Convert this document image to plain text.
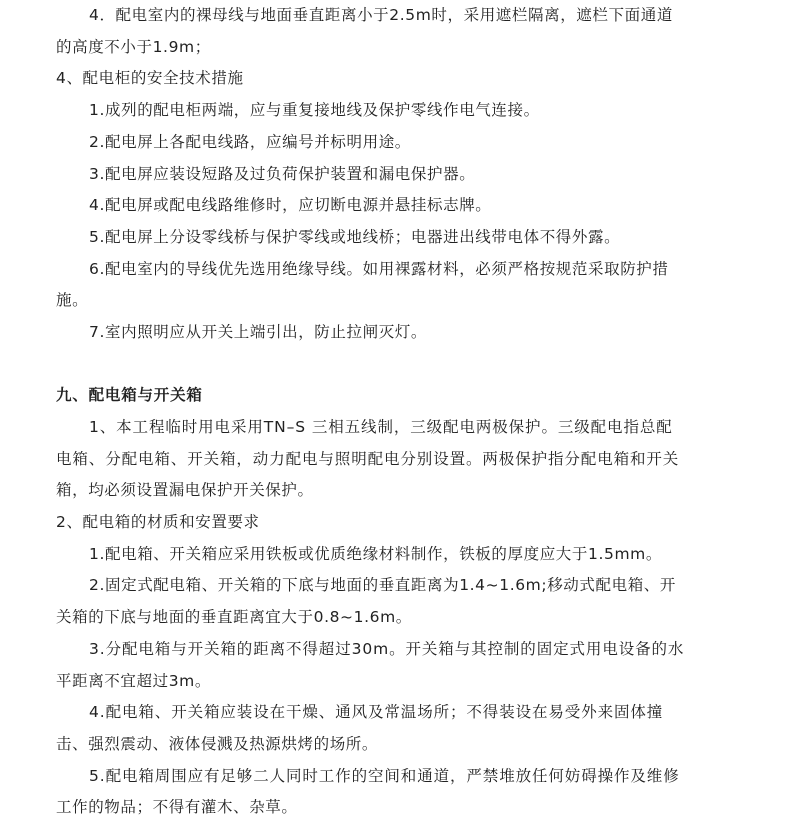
4．配电室内的裸母线与地面垂直距离小于2.5m时，采用遮栏隔离，遮栏下面通道

的高度不小于1.9m；

4、配电柜的安全技术措施

1.成列的配电柜两端，应与重复接地线及保护零线作电气连接。

2.配电屏上各配电线路，应编号并标明用途。

3.配电屏应装设短路及过负荷保护装置和漏电保护器。

4.配电屏或配电线路维修时，应切断电源并悬挂标志牌。

5.配电屏上分设零线桥与保护零线或地线桥；电器进出线带电体不得外露。

6.配电室内的导线优先选用绝缘导线。如用裸露材料，必须严格按规范采取防护措

施。

7.室内照明应从开关上端引出，防止拉闸灭灯。

九、配电箱与开关箱

1、本工程临时用电采用TN–S 三相五线制，三级配电两极保护。三级配电指总配

电箱、分配电箱、开关箱，动力配电与照明配电分别设置。两极保护指分配电箱和开关

箱，均必须设置漏电保护开关保护。

2、配电箱的材质和安置要求

1.配电箱、开关箱应采用铁板或优质绝缘材料制作，铁板的厚度应大于1.5mm。

2.固定式配电箱、开关箱的下底与地面的垂直距离为1.4~1.6m;移动式配电箱、开

关箱的下底与地面的垂直距离宜大于0.8~1.6m。

3.分配电箱与开关箱的距离不得超过30m。开关箱与其控制的固定式用电设备的水

平距离不宜超过3m。

4.配电箱、开关箱应装设在干燥、通风及常温场所；不得装设在易受外来固体撞

击、强烈震动、液体侵溅及热源烘烤的场所。

5.配电箱周围应有足够二人同时工作的空间和通道，严禁堆放任何妨碍操作及维修

工作的物品；不得有灌木、杂草。
